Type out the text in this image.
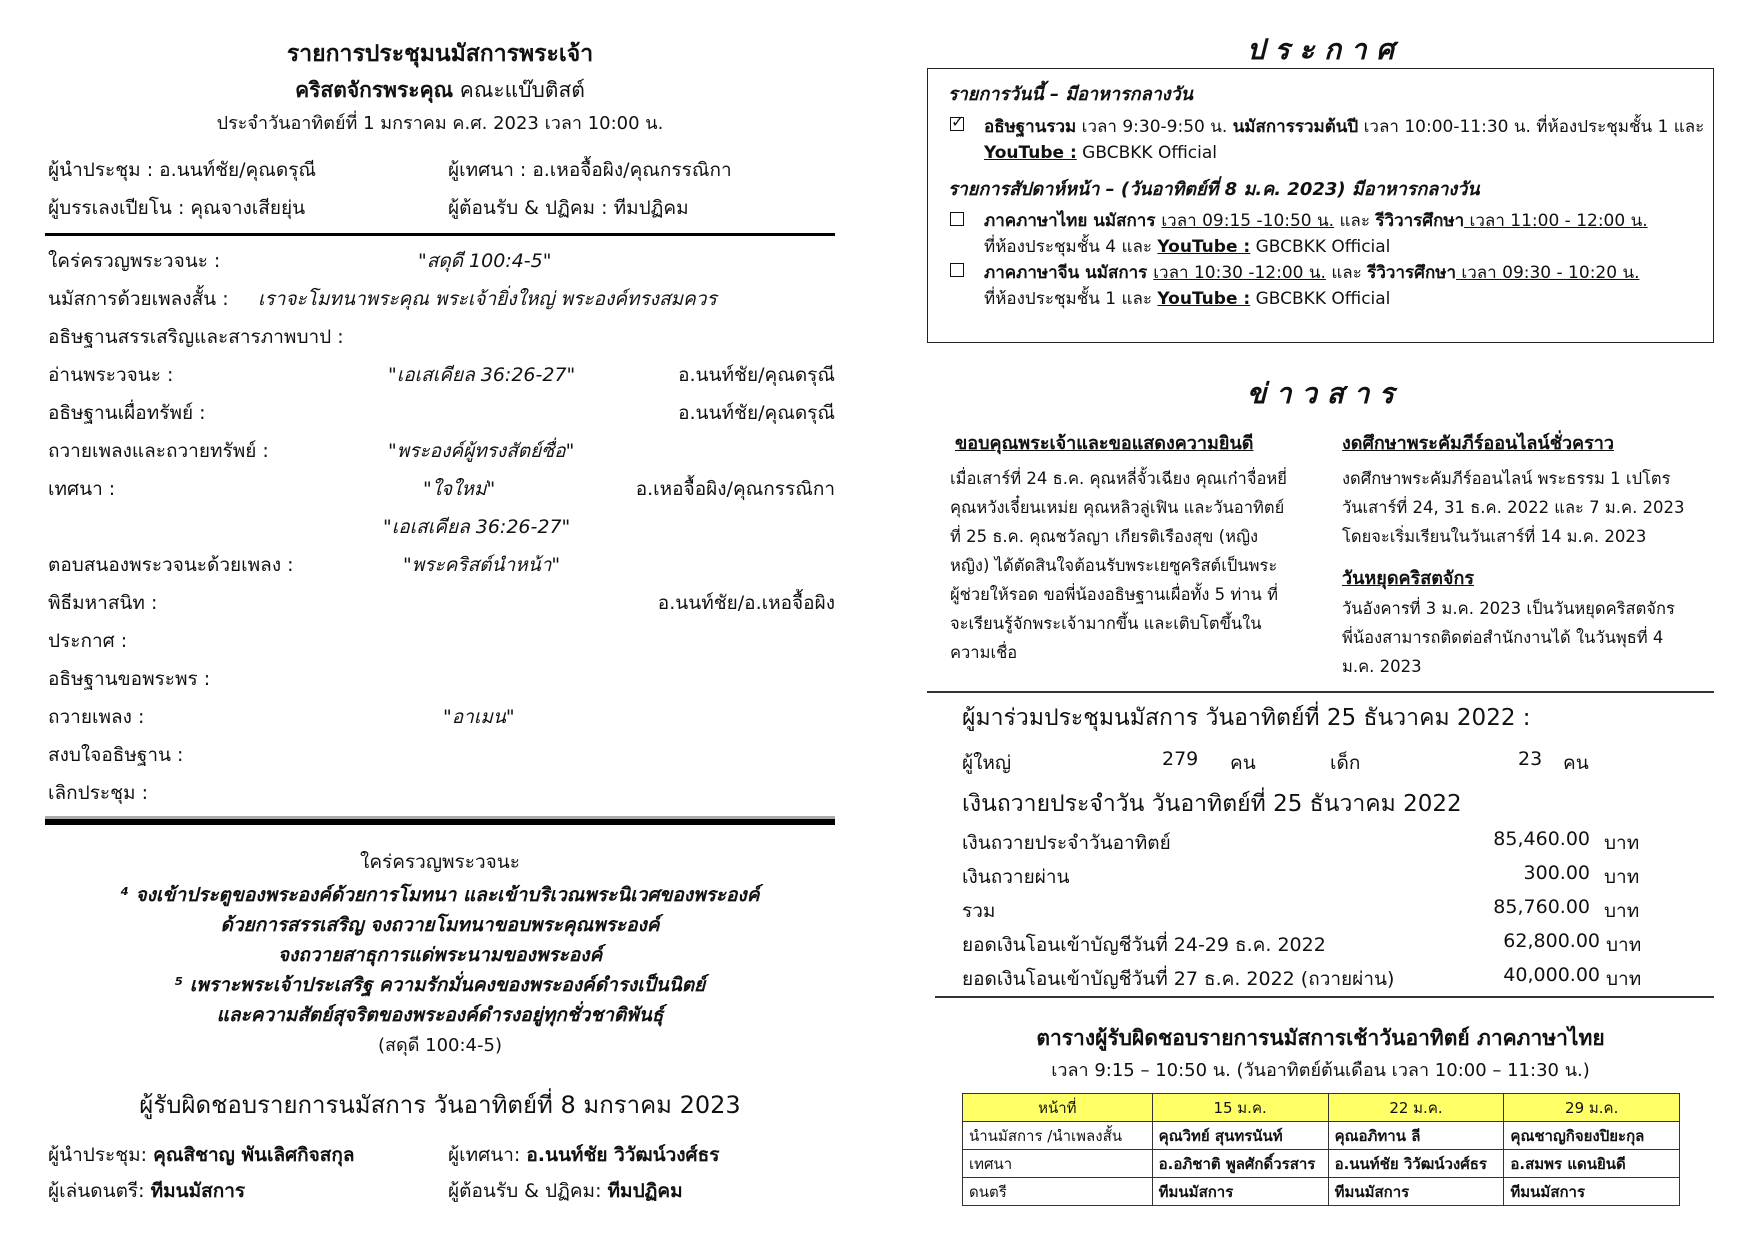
รายการประชุมนมัสการพระเจ้า
คริสตจักรพระคุณ คณะแบ๊บติสต์
ประจำวันอาทิตย์ที่ 1 มกราคม ค.ศ. 2023 เวลา 10:00 น.
ผู้นำประชุม : อ.นนท์ชัย/คุณดรุณี	ผู้เทศนา : อ.เหอจื้อผิง/คุณกรรณิกา
ผู้บรรเลงเปียโน : คุณจางเสียยุ่น	ผู้ต้อนรับ & ปฏิคม : ทีมปฏิคม
ใคร่ครวญพระวจนะ :	"สดุดี 100:4-5"
นมัสการด้วยเพลงสั้น : เราจะโมทนาพระคุณ พระเจ้ายิ่งใหญ่ พระองค์ทรงสมควร
อธิษฐานสรรเสริญและสารภาพบาป :
อ่านพระวจนะ :	"เอเสเคียล 36:26-27"	อ.นนท์ชัย/คุณดรุณี
อธิษฐานเผื่อทรัพย์ :	อ.นนท์ชัย/คุณดรุณี
ถวายเพลงและถวายทรัพย์ :	"พระองค์ผู้ทรงสัตย์ซื่อ"
เทศนา :	"ใจใหม่"	อ.เหอจื้อผิง/คุณกรรณิกา
"เอเสเคียล 36:26-27"
ตอบสนองพระวจนะด้วยเพลง :	"พระคริสต์นำหน้า"
พิธีมหาสนิท :	อ.นนท์ชัย/อ.เหอจื้อผิง
ประกาศ :
อธิษฐานขอพระพร :
ถวายเพลง :	"อาเมน"
สงบใจอธิษฐาน :
เลิกประชุม :
ใคร่ครวญพระวจนะ
⁴ จงเข้าประตูของพระองค์ด้วยการโมทนา และเข้าบริเวณพระนิเวศของพระองค์
ด้วยการสรรเสริญ จงถวายโมทนาขอบพระคุณพระองค์
จงถวายสาธุการแด่พระนามของพระองค์
⁵ เพราะพระเจ้าประเสริฐ ความรักมั่นคงของพระองค์ดำรงเป็นนิตย์
และความสัตย์สุจริตของพระองค์ดำรงอยู่ทุกชั่วชาติพันธุ์
(สดุดี 100:4-5)
ผู้รับผิดชอบรายการนมัสการ วันอาทิตย์ที่ 8 มกราคม 2023
ผู้นำประชุม: คุณสิชาญ พันเลิศกิจสกุล	ผู้เทศนา: อ.นนท์ชัย วิวัฒน์วงศ์ธร
ผู้เล่นดนตรี: ทีมนมัสการ	ผู้ต้อนรับ & ปฏิคม: ทีมปฏิคม
ป ร ะ ก า ศ
รายการวันนี้ – มีอาหารกลางวัน
✓
อธิษฐานรวม เวลา 9:30-9:50 น. นมัสการรวมต้นปี เวลา 10:00-11:30 น. ที่ห้องประชุมชั้น 1 และ
YouTube : GBCBKK Official
รายการสัปดาห์หน้า – (วันอาทิตย์ที่ 8 ม.ค. 2023) มีอาหารกลางวัน
ภาคภาษาไทย นมัสการ เวลา 09:15 -10:50 น. และ รีวิวารศึกษา เวลา 11:00 - 12:00 น.
ที่ห้องประชุมชั้น 4 และ YouTube : GBCBKK Official
ภาคภาษาจีน นมัสการ เวลา 10:30 -12:00 น. และ รีวิวารศึกษา เวลา 09:30 - 10:20 น.
ที่ห้องประชุมชั้น 1 และ YouTube : GBCBKK Official
ข่ า ว ส า ร
ขอบคุณพระเจ้าและขอแสดงความยินดี
เมื่อเสาร์ที่ 24 ธ.ค. คุณหลี่จั้วเฉียง คุณเก๋าจื่อหยี่
คุณหวังเจี๋ยนเหม่ย คุณหลิวลู่เฟิน และวันอาทิตย์
ที่ 25 ธ.ค. คุณชวัลญา เกียรติเรืองสุข (หญิง
หญิง) ได้ตัดสินใจต้อนรับพระเยซูคริสต์เป็นพระ
ผู้ช่วยให้รอด ขอพี่น้องอธิษฐานเผื่อทั้ง 5 ท่าน ที่
จะเรียนรู้จักพระเจ้ามากขึ้น และเติบโตขึ้นใน
ความเชื่อ
งดศึกษาพระคัมภีร์ออนไลน์ชั่วคราว
งดศึกษาพระคัมภีร์ออนไลน์ พระธรรม 1 เปโตร
วันเสาร์ที่ 24, 31 ธ.ค. 2022 และ 7 ม.ค. 2023
โดยจะเริ่มเรียนในวันเสาร์ที่ 14 ม.ค. 2023
วันหยุดคริสตจักร
วันอังคารที่ 3 ม.ค. 2023 เป็นวันหยุดคริสตจักร
พี่น้องสามารถติดต่อสำนักงานได้ ในวันพุธที่ 4
ม.ค. 2023
ผู้มาร่วมประชุมนมัสการ วันอาทิตย์ที่ 25 ธันวาคม 2022 :
ผู้ใหญ่	279 คน	เด็ก	23 คน
เงินถวายประจำวัน วันอาทิตย์ที่ 25 ธันวาคม 2022
เงินถวายประจำวันอาทิตย์	85,460.00 บาท
เงินถวายผ่าน	300.00 บาท
รวม	85,760.00 บาท
ยอดเงินโอนเข้าบัญชีวันที่ 24-29 ธ.ค. 2022	62,800.00 บาท
ยอดเงินโอนเข้าบัญชีวันที่ 27 ธ.ค. 2022 (ถวายผ่าน)	40,000.00 บาท
ตารางผู้รับผิดชอบรายการนมัสการเช้าวันอาทิตย์ ภาคภาษาไทย
เวลา 9:15 – 10:50 น. (วันอาทิตย์ต้นเดือน เวลา 10:00 – 11:30 น.)
หน้าที่	15 ม.ค.	22 ม.ค.	29 ม.ค.
นำนมัสการ /นำเพลงสั้น	คุณวิทย์ สุนทรนันท์	คุณอภิทาน ลี	คุณชาญกิจยงปิยะกุล
เทศนา	อ.อภิชาติ พูลศักดิ์วรสาร	อ.นนท์ชัย วิวัฒน์วงศ์ธร	อ.สมพร แดนยินดี
ดนตรี	ทีมนมัสการ	ทีมนมัสการ	ทีมนมัสการ
